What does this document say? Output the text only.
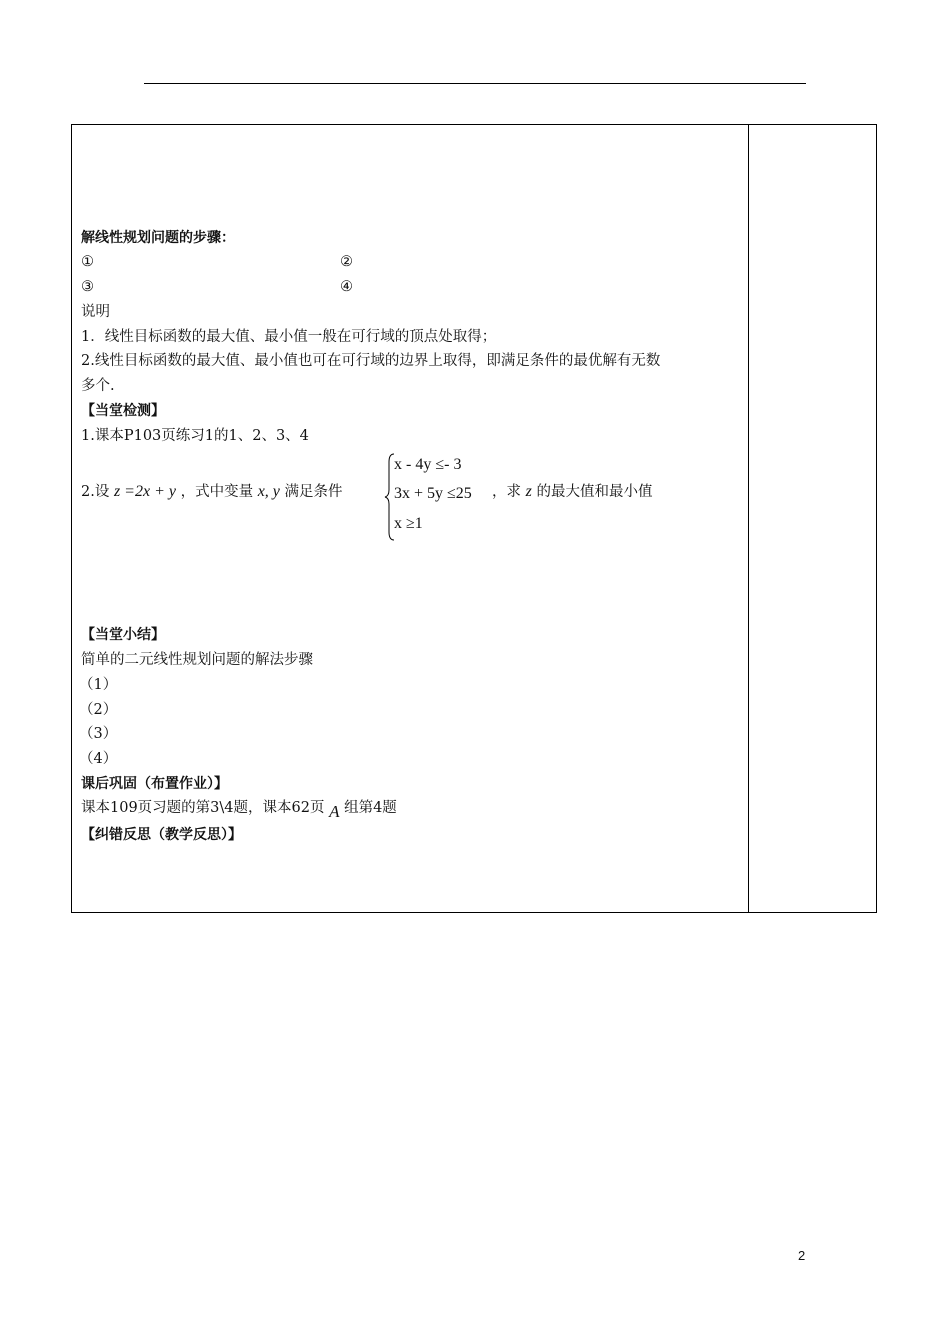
解线性规划问题的步骤：
①	②
③	④
说明
1．线性目标函数的最大值、最小值一般在可行域的顶点处取得；
2.线性目标函数的最大值、最小值也可在可行域的边界上取得，即满足条件的最优解有无数
多个.
【当堂检测】
1.课本P103页练习1的1、2、3、4
2.设 z =2x + y ，式中变量 x, y 满足条件
x - 4y ≤- 3
3x + 5y ≤25
x ≥1
，求 z 的最大值和最小值
【当堂小结】
简单的二元线性规划问题的解法步骤
（1）
（2）
（3）
（4）
课后巩固（布置作业）】
课本109页习题的第3\4题，课本62页 A 组第4题
【纠错反思（教学反思）】
2
